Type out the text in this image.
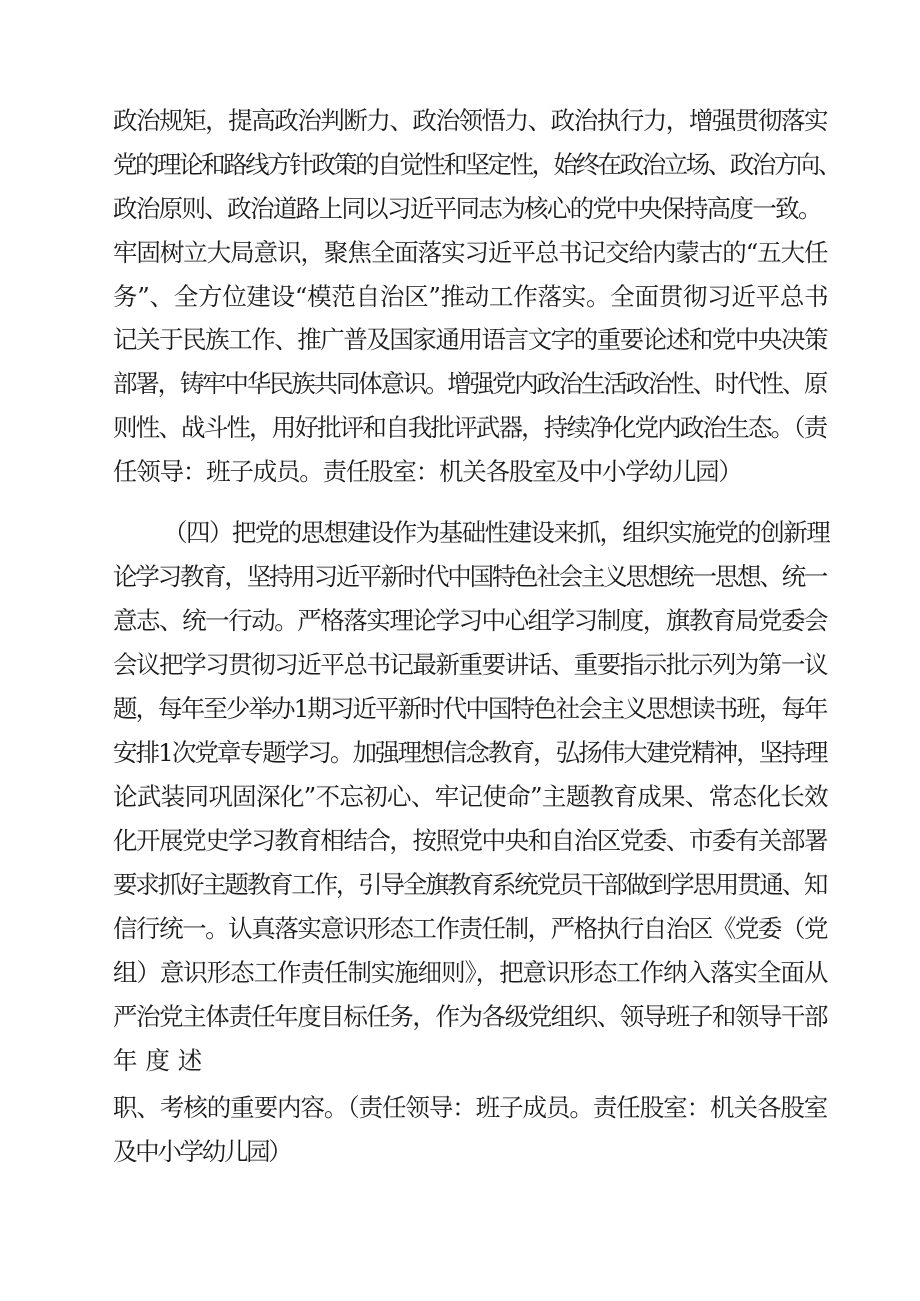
政治规矩，提高政治判断力、政治领悟力、政治执行力，增强贯彻落实
党的理论和路线方针政策的自觉性和坚定性，始终在政治立场、政治方向、
政治原则、政治道路上同以习近平同志为核心的党中央保持高度一致。
牢固树立大局意识，聚焦全面落实习近平总书记交给内蒙古的“五大任
务”、全方位建设“模范自治区”推动工作落实。全面贯彻习近平总书
记关于民族工作、推广普及国家通用语言文字的重要论述和党中央决策
部署，铸牢中华民族共同体意识。增强党内政治生活政治性、时代性、原
则性、战斗性，用好批评和自我批评武器，持续净化党内政治生态。（责
任领导：班子成员。责任股室：机关各股室及中小学幼儿园）
（四）把党的思想建设作为基础性建设来抓，组织实施党的创新理
论学习教育，坚持用习近平新时代中国特色社会主义思想统一思想、统一
意志、统一行动。严格落实理论学习中心组学习制度，旗教育局党委会
会议把学习贯彻习近平总书记最新重要讲话、重要指示批示列为第一议
题，每年至少举办1期习近平新时代中国特色社会主义思想读书班，每年
安排1次党章专题学习。加强理想信念教育，弘扬伟大建党精神，坚持理
论武装同巩固深化”不忘初心、牢记使命”主题教育成果、常态化长效
化开展党史学习教育相结合，按照党中央和自治区党委、市委有关部署
要求抓好主题教育工作，引导全旗教育系统党员干部做到学思用贯通、知
信行统一。认真落实意识形态工作责任制，严格执行自治区《党委（党
组）意识形态工作责任制实施细则》，把意识形态工作纳入落实全面从
严治党主体责任年度目标任务，作为各级党组织、领导班子和领导干部
年度述
职、考核的重要内容。（责任领导：班子成员。责任股室：机关各股室
及中小学幼儿园）
